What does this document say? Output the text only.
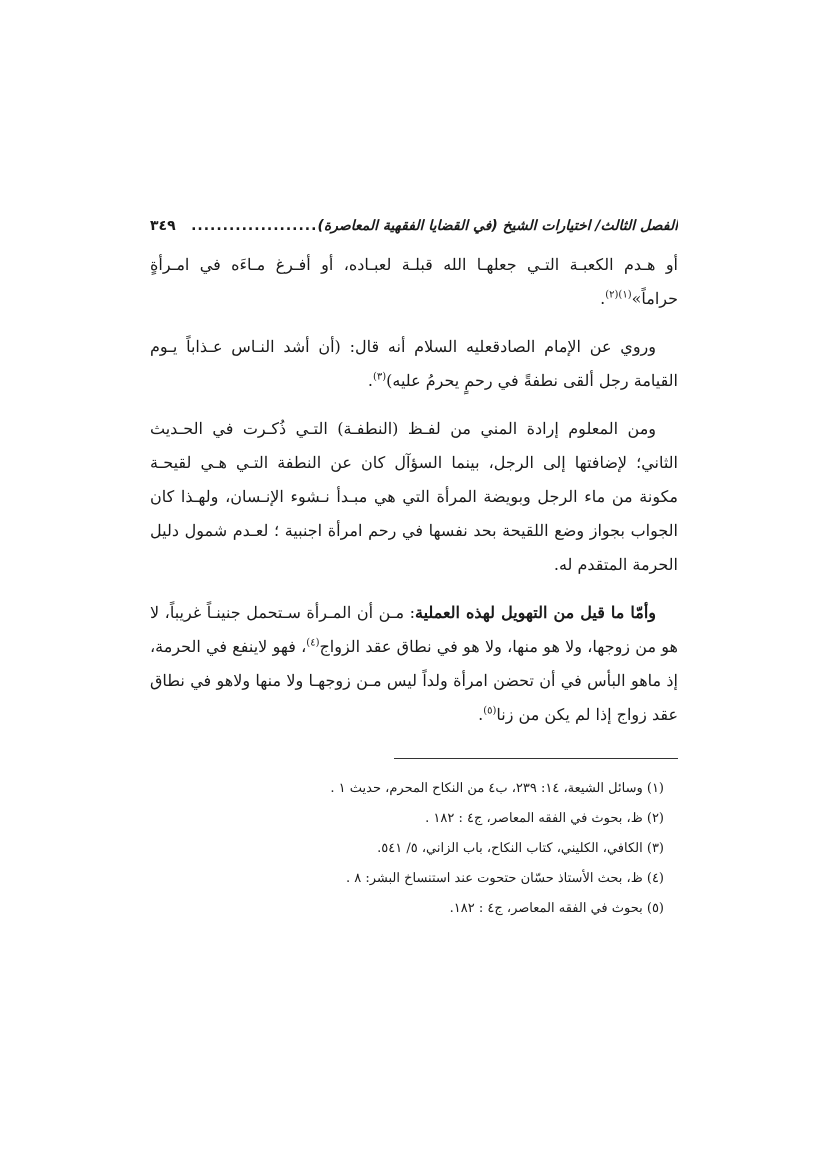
الفصل الثالث/ اختيارات الشيخ (في القضايا الفقهية المعاصرة)
....................
٣٤٩

أو هـدم الكعبـة التـي جعلهـا الله قبلـة لعبـاده، أو أفـرغ مـاءَه في امـرأةٍ حراماً»$^{(١)(٢)}$.

وروي عن الإمام الصادقعليه السلام أنه قال: (أن أشد النـاس عـذاباً يـوم القيامة رجل ألقى نطفةً في رحمٍ يحرمُ عليه)$^{(٣)}$.

ومن المعلوم إرادة المني من لفـظ (النطفـة) التـي ذُكـرت في الحـديث الثاني؛ لإضافتها إلى الرجل، بينما السؤآل كان عن النطفة التـي هـي لقيحـة مكونة من ماء الرجل وبويضة المرأة التي هي مبـدأ نـشوء الإنـسان، ولهـذا كان الجواب بجواز وضع اللقيحة بحد نفسها في رحم امرأة اجنبية ؛ لعـدم شمول دليل الحرمة المتقدم له.

وأمّا ما قيل من التهويل لهذه العملية: مـن أن المـرأة سـتحمل جنينـاً غريباً، لا هو من زوجها، ولا هو منها، ولا هو في نطاق عقد الزواج$^{(٤)}$، فهو لاينفع في الحرمة، إذ ماهو البأس في أن تحضن امرأة ولداً ليس مـن زوجهـا ولا منها ولاهو في نطاق عقد زواج إذا لم يكن من زنا$^{(٥)}$.

(١) وسائل الشيعة، ١٤: ٢٣٩، ب٤ من النكاح المحرم، حديث ١ .
(٢) ظ، بحوث في الفقه المعاصر، ج٤ : ١٨٢ .
(٣) الكافي، الكليني، كتاب النكاح، باب الزاني، ٥/ ٥٤١.
(٤) ظ، بحث الأستاذ حسّان حتحوت عند استنساخ البشر: ٨ .
(٥) بحوث في الفقه المعاصر، ج٤ : ١٨٢.
